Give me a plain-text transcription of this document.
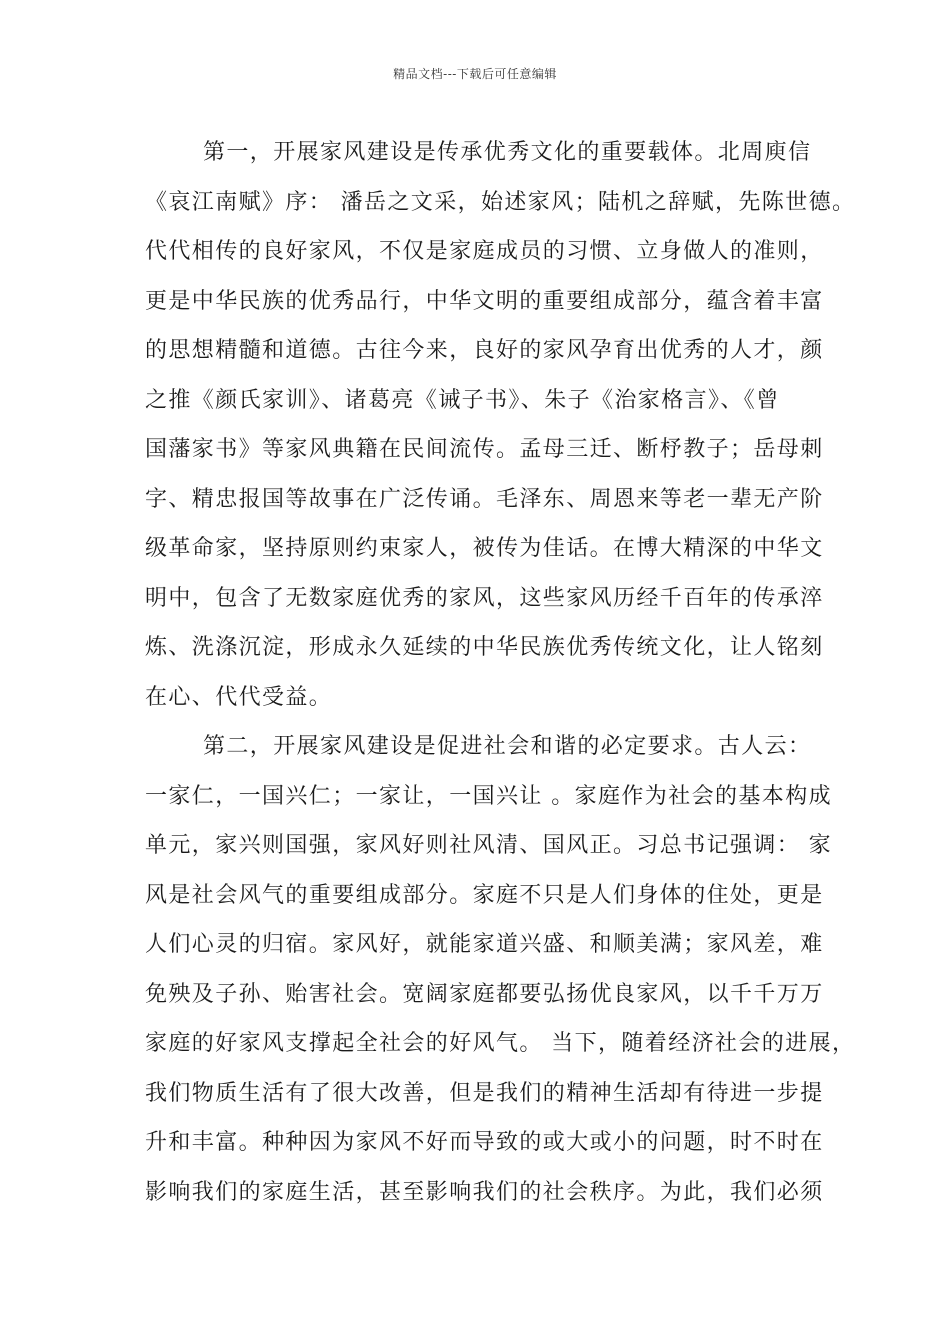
精品文档---下载后可任意编辑
第一，开展家风建设是传承优秀文化的重要载体。北周庾信
《哀江南赋》序： 潘岳之文采，始述家风；陆机之辞赋，先陈世德。
代代相传的良好家风，不仅是家庭成员的习惯、立身做人的准则，
更是中华民族的优秀品行，中华文明的重要组成部分，蕴含着丰富
的思想精髓和道德。古往今来，良好的家风孕育出优秀的人才，颜
之推《颜氏家训》、诸葛亮《诫子书》、朱子《治家格言》、《曾
国藩家书》等家风典籍在民间流传。孟母三迁、断杼教子；岳母刺
字、精忠报国等故事在广泛传诵。毛泽东、周恩来等老一辈无产阶
级革命家，坚持原则约束家人，被传为佳话。在博大精深的中华文
明中，包含了无数家庭优秀的家风，这些家风历经千百年的传承淬
炼、洗涤沉淀，形成永久延续的中华民族优秀传统文化，让人铭刻
在心、代代受益。
第二，开展家风建设是促进社会和谐的必定要求。古人云：
一家仁，一国兴仁；一家让，一国兴让 。家庭作为社会的基本构成
单元，家兴则国强，家风好则社风清、国风正。习总书记强调： 家
风是社会风气的重要组成部分。家庭不只是人们身体的住处，更是
人们心灵的归宿。家风好，就能家道兴盛、和顺美满；家风差，难
免殃及子孙、贻害社会。宽阔家庭都要弘扬优良家风，以千千万万
家庭的好家风支撑起全社会的好风气。 当下，随着经济社会的进展，
我们物质生活有了很大改善，但是我们的精神生活却有待进一步提
升和丰富。种种因为家风不好而导致的或大或小的问题，时不时在
影响我们的家庭生活，甚至影响我们的社会秩序。为此，我们必须
